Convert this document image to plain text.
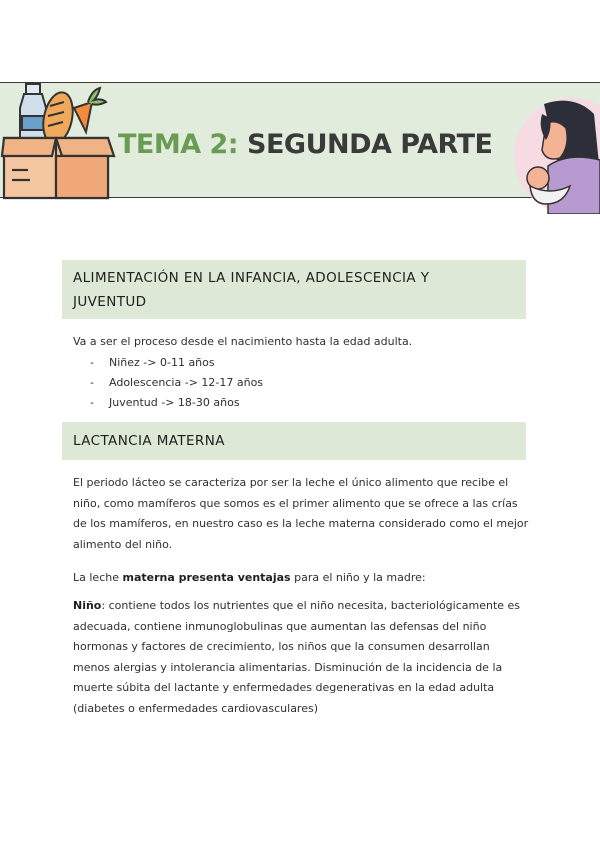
TEMA 2: SEGUNDA PARTE
ALIMENTACIÓN EN LA INFANCIA, ADOLESCENCIA Y
JUVENTUD

Va a ser el proceso desde el nacimiento hasta la edad adulta.

- Niñez -> 0-11 años
- Adolescencia -> 12-17 años
- Juventud -> 18-30 años
LACTANCIA MATERNA

El periodo lácteo se caracteriza por ser la leche el único alimento que recibe el niño, como mamíferos que somos es el primer alimento que se ofrece a las crías de los mamíferos, en nuestro caso es la leche materna considerado como el mejor alimento del niño.

La leche materna presenta ventajas para el niño y la madre:

Niño: contiene todos los nutrientes que el niño necesita, bacteriológicamente es adecuada, contiene inmunoglobulinas que aumentan las defensas del niño hormonas y factores de crecimiento, los niños que la consumen desarrollan menos alergias y intolerancia alimentarias. Disminución de la incidencia de la muerte súbita del lactante y enfermedades degenerativas en la edad adulta (diabetes o enfermedades cardiovasculares)
